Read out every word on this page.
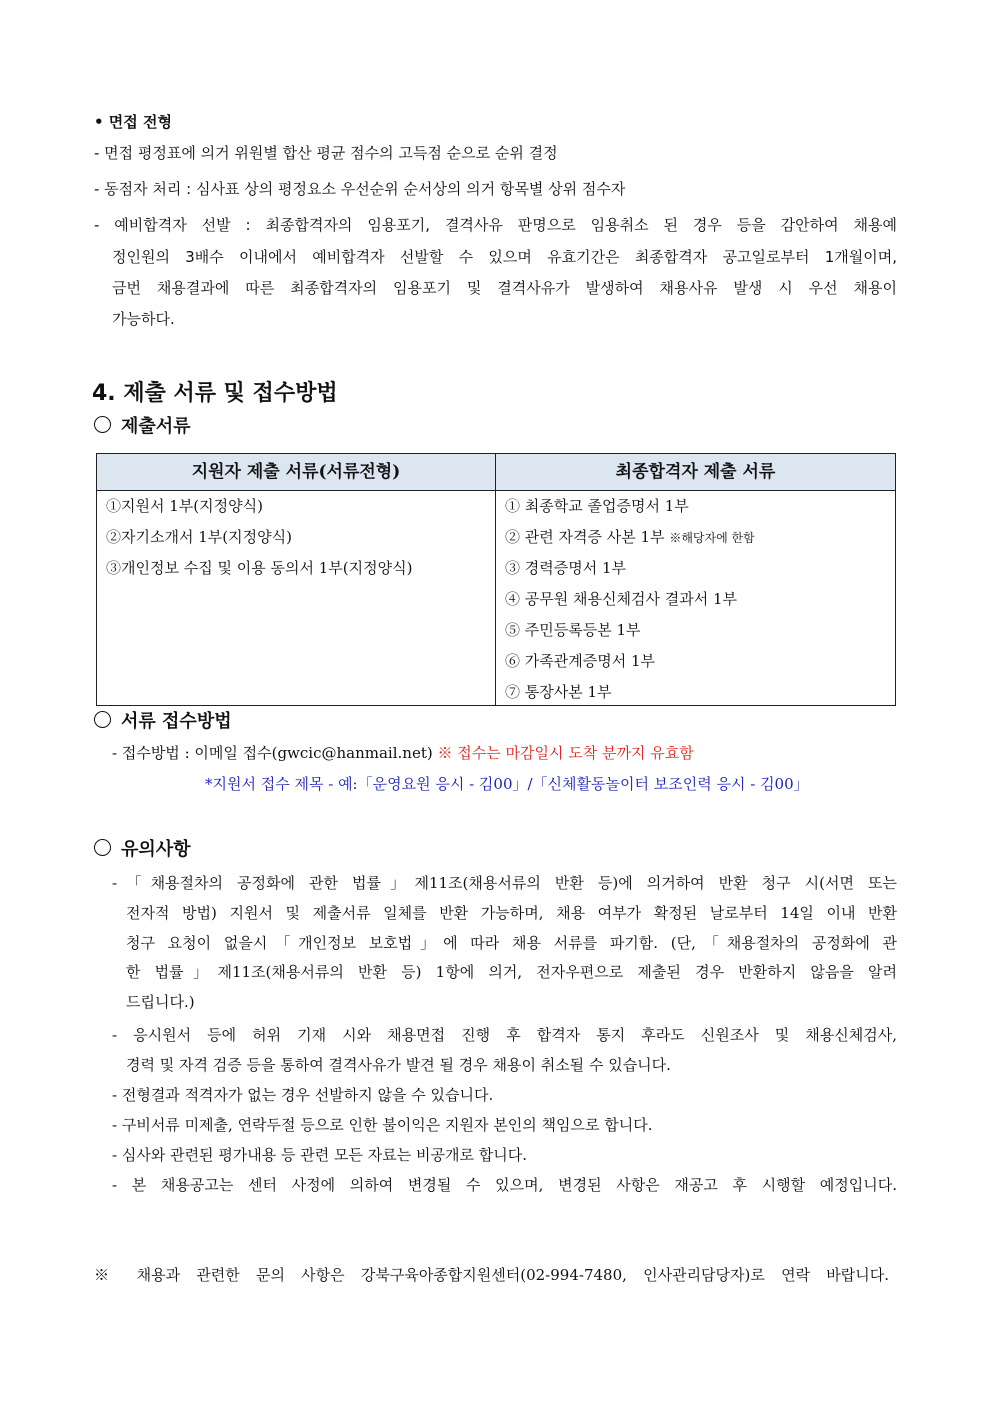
• 면접 전형
- 면접 평정표에 의거 위원별 합산 평균 점수의 고득점 순으로 순위 결정
- 동점자 처리 : 심사표 상의 평정요소 우선순위 순서상의 의거 항목별 상위 점수자
- 예비합격자 선발 : 최종합격자의 임용포기, 결격사유 판명으로 임용취소 된 경우 등을 감안하여 채용예
정인원의 3배수 이내에서 예비합격자 선발할 수 있으며 유효기간은 최종합격자 공고일로부터 1개월이며,
금번 채용결과에 따른 최종합격자의 임용포기 및 결격사유가 발생하여 채용사유 발생 시 우선 채용이
가능하다.
4. 제출 서류 및 접수방법
제출서류
지원자 제출 서류(서류전형)	최종합격자 제출 서류
①지원서 1부(지정양식)
②자기소개서 1부(지정양식)
③개인정보 수집 및 이용 동의서 1부(지정양식)
① 최종학교 졸업증명서 1부
② 관련 자격증 사본 1부 ※해당자에 한함
③ 경력증명서 1부
④ 공무원 채용신체검사 결과서 1부
⑤ 주민등록등본 1부
⑥ 가족관계증명서 1부
⑦ 통장사본 1부
서류 접수방법
- 접수방법 : 이메일 접수(gwcic@hanmail.net) ※ 접수는 마감일시 도착 분까지 유효함
*지원서 접수 제목 - 예:「운영요원 응시 - 김00」/「신체활동놀이터 보조인력 응시 - 김00」
유의사항
-「채용절차의 공정화에 관한 법률」제11조(채용서류의 반환 등)에 의거하여 반환 청구 시(서면 또는
전자적 방법) 지원서 및 제출서류 일체를 반환 가능하며, 채용 여부가 확정된 날로부터 14일 이내 반환
청구 요청이 없을시「개인정보 보호법」에 따라 채용 서류를 파기함. (단,「채용절차의 공정화에 관
한 법률」제11조(채용서류의 반환 등) 1항에 의거, 전자우편으로 제출된 경우 반환하지 않음을 알려
드립니다.)
- 응시원서 등에 허위 기재 시와 채용면접 진행 후 합격자 통지 후라도 신원조사 및 채용신체검사,
경력 및 자격 검증 등을 통하여 결격사유가 발견 될 경우 채용이 취소될 수 있습니다.
- 전형결과 적격자가 없는 경우 선발하지 않을 수 있습니다.
- 구비서류 미제출, 연락두절 등으로 인한 불이익은 지원자 본인의 책임으로 합니다.
- 심사와 관련된 평가내용 등 관련 모든 자료는 비공개로 합니다.
- 본 채용공고는 센터 사정에 의하여 변경될 수 있으며, 변경된 사항은 재공고 후 시행할 예정입니다.
※ 채용과 관련한 문의 사항은 강북구육아종합지원센터(02-994-7480, 인사관리담당자)로 연락 바랍니다.
